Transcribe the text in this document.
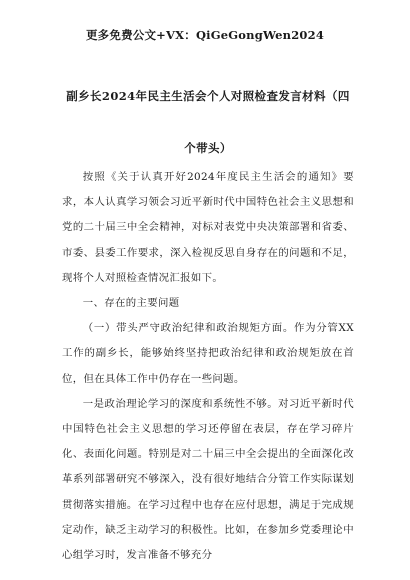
更多免费公文+VX：QiGeGongWen2024
副乡长2024年民主生活会个人对照检查发言材料（四个带头）

按照《关于认真开好2024年度民主生活会的通知》要求，本人认真学习领会习近平新时代中国特色社会主义思想和党的二十届三中全会精神，对标对表党中央决策部署和省委、市委、县委工作要求，深入检视反思自身存在的问题和不足，现将个人对照检查情况汇报如下。

一、存在的主要问题

（一）带头严守政治纪律和政治规矩方面。作为分管XX工作的副乡长，能够始终坚持把政治纪律和政治规矩放在首位，但在具体工作中仍存在一些问题。

一是政治理论学习的深度和系统性不够。对习近平新时代中国特色社会主义思想的学习还停留在表层，存在学习碎片化、表面化问题。特别是对二十届三中全会提出的全面深化改革系列部署研究不够深入，没有很好地结合分管工作实际谋划贯彻落实措施。在学习过程中也存在应付思想，满足于完成规定动作，缺乏主动学习的积极性。比如，在参加乡党委理论中心组学习时，发言准备不够充分
